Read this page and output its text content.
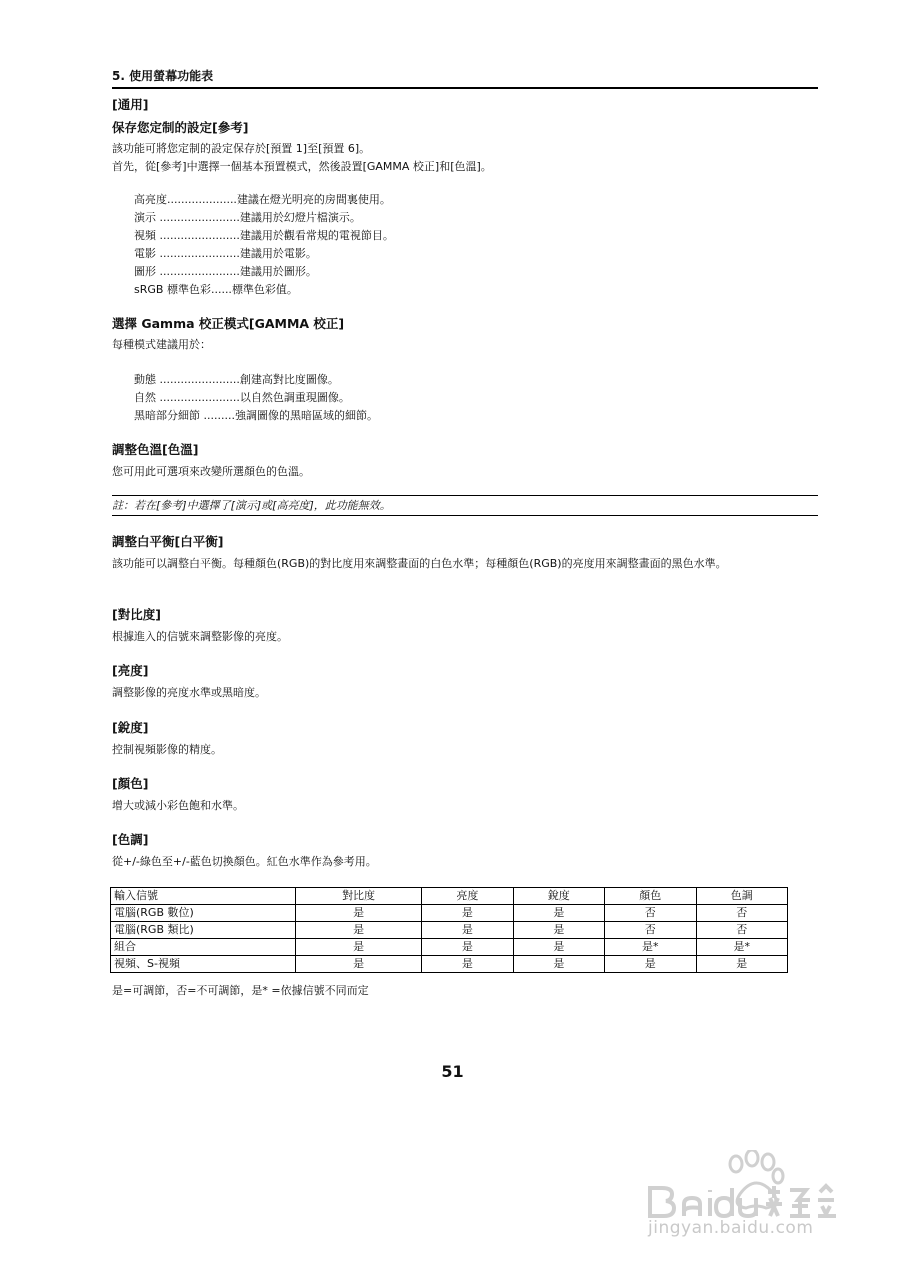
5. 使用螢幕功能表
[通用]
保存您定制的設定[參考]
該功能可將您定制的設定保存於[預置 1]至[預置 6]。
首先，從[參考]中選擇一個基本預置模式，然後設置[GAMMA 校正]和[色溫]。
高亮度....................建議在燈光明亮的房間裏使用。
演示 .......................建議用於幻燈片檔演示。
視頻 .......................建議用於觀看常規的電視節目。
電影 .......................建議用於電影。
圖形 .......................建議用於圖形。
sRGB 標準色彩......標準色彩值。
選擇 Gamma 校正模式[GAMMA 校正]
每種模式建議用於：
動態 .......................創建高對比度圖像。
自然 .......................以自然色調重現圖像。
黑暗部分細節 .........強調圖像的黑暗區域的細節。
調整色溫[色溫]
您可用此可選項來改變所選顏色的色溫。
註：若在[參考]中選擇了[演示]或[高亮度]，此功能無效。
調整白平衡[白平衡]
該功能可以調整白平衡。每種顏色(RGB)的對比度用來調整畫面的白色水準；每種顏色(RGB)的亮度用來調整畫面的黑色水準。
[對比度]
根據進入的信號來調整影像的亮度。
[亮度]
調整影像的亮度水準或黑暗度。
[銳度]
控制視頻影像的精度。
[顏色]
增大或減小彩色飽和水準。
[色調]
從+/-綠色至+/-藍色切換顏色。紅色水準作為參考用。
輸入信號	對比度	亮度	銳度	顏色	色調
電腦(RGB 數位)	是	是	是	否	否
電腦(RGB 類比)	是	是	是	否	否
組合	是	是	是	是*	是*
視頻、S-視頻	是	是	是	是	是
是=可調節，否=不可調節，是* =依據信號不同而定
51
jingyan.baidu.com
